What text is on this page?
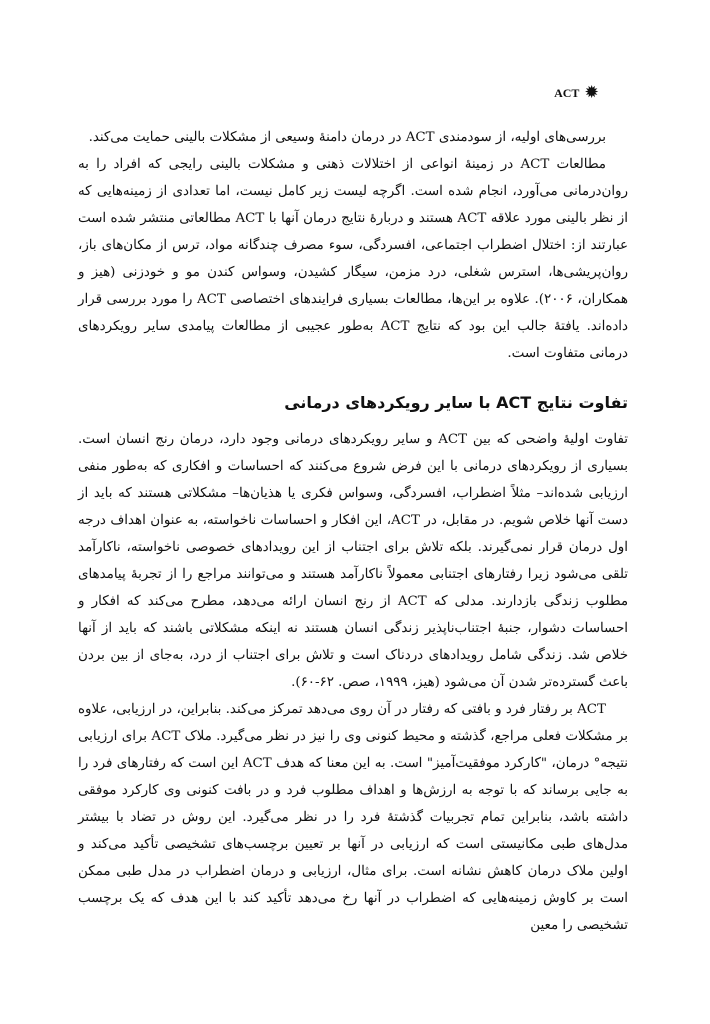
ACT ✹

بررسی‌های اولیه، از سودمندی ACT در درمان دامنهٔ وسیعی از مشکلات بالینی حمایت می‌کند.

مطالعات ACT در زمینهٔ انواعی از اختلالات ذهنی و مشکلات بالینی رایجی که افراد را به روان‌درمانی می‌آورد، انجام شده است. اگرچه لیست زیر کامل نیست، اما تعدادی از زمینه‌هایی که از نظر بالینی مورد علاقه ACT هستند و دربارهٔ نتایج درمان آنها با ACT مطالعاتی منتشر شده است عبارتند از: اختلال اضطراب اجتماعی، افسردگی، سوء مصرف چندگانه مواد، ترس از مکان‌های باز، روان‌پریشی‌ها، استرس شغلی، درد مزمن، سیگار کشیدن، وسواس کندن مو و خودزنی (هیز و همکاران، ۲۰۰۶). علاوه بر این‌ها، مطالعات بسیاری فرایندهای اختصاصی ACT را مورد بررسی قرار داده‌اند. یافتهٔ جالب این بود که نتایج ACT به‌طور عجیبی از مطالعات پیامدی سایر رویکردهای درمانی متفاوت است.

تفاوت نتایج ACT با سایر رویکردهای درمانی

تفاوت اولیهٔ واضحی که بین ACT و سایر رویکردهای درمانی وجود دارد، درمان رنج انسان است. بسیاری از رویکردهای درمانی با این فرض شروع می‌کنند که احساسات و افکاری که به‌طور منفی ارزیابی شده‌اند– مثلاً اضطراب، افسردگی، وسواس فکری یا هذیان‌ها– مشکلاتی هستند که باید از دست آنها خلاص شویم. در مقابل، در ACT، این افکار و احساسات ناخواسته، به عنوان اهداف درجه اول درمان قرار نمی‌گیرند. بلکه تلاش برای اجتناب از این رویدادهای خصوصی ناخواسته، ناکارآمد تلقی می‌شود زیرا رفتارهای اجتنابی معمولاً ناکارآمد هستند و می‌توانند مراجع را از تجربهٔ پیامدهای مطلوب زندگی بازدارند. مدلی که ACT از رنج انسان ارائه می‌دهد، مطرح می‌کند که افکار و احساسات دشوار، جنبهٔ اجتناب‌ناپذیر زندگی انسان هستند نه اینکه مشکلاتی باشند که باید از آنها خلاص شد. زندگی شامل رویدادهای دردناک است و تلاش برای اجتناب از درد، به‌جای از بین بردن باعث گسترده‌تر شدن آن می‌شود (هیز، ۱۹۹۹، صص. ۶۲-۶۰).

ACT بر رفتار فرد و بافتی که رفتار در آن روی می‌دهد تمرکز می‌کند. بنابراین، در ارزیابی، علاوه بر مشکلات فعلی مراجع، گذشته و محیط کنونی وی را نیز در نظر می‌گیرد. ملاک ACT برای ارزیابی نتیجه° درمان، "کارکرد موفقیت‌آمیز" است. به این معنا که هدف ACT این است که رفتارهای فرد را به جایی برساند که با توجه به ارزش‌ها و اهداف مطلوب فرد و در بافت کنونی وی کارکرد موفقی داشته باشد، بنابراین تمام تجربیات گذشتهٔ فرد را در نظر می‌گیرد. این روش در تضاد با بیشتر مدل‌های طبی مکانیستی است که ارزیابی در آنها بر تعیین برچسب‌های تشخیصی تأکید می‌کند و اولین ملاک درمان کاهش نشانه است. برای مثال، ارزیابی و درمان اضطراب در مدل طبی ممکن است بر کاوش زمینه‌هایی که اضطراب در آنها رخ می‌دهد تأکید کند با این هدف که یک برچسب تشخیصی را معین
